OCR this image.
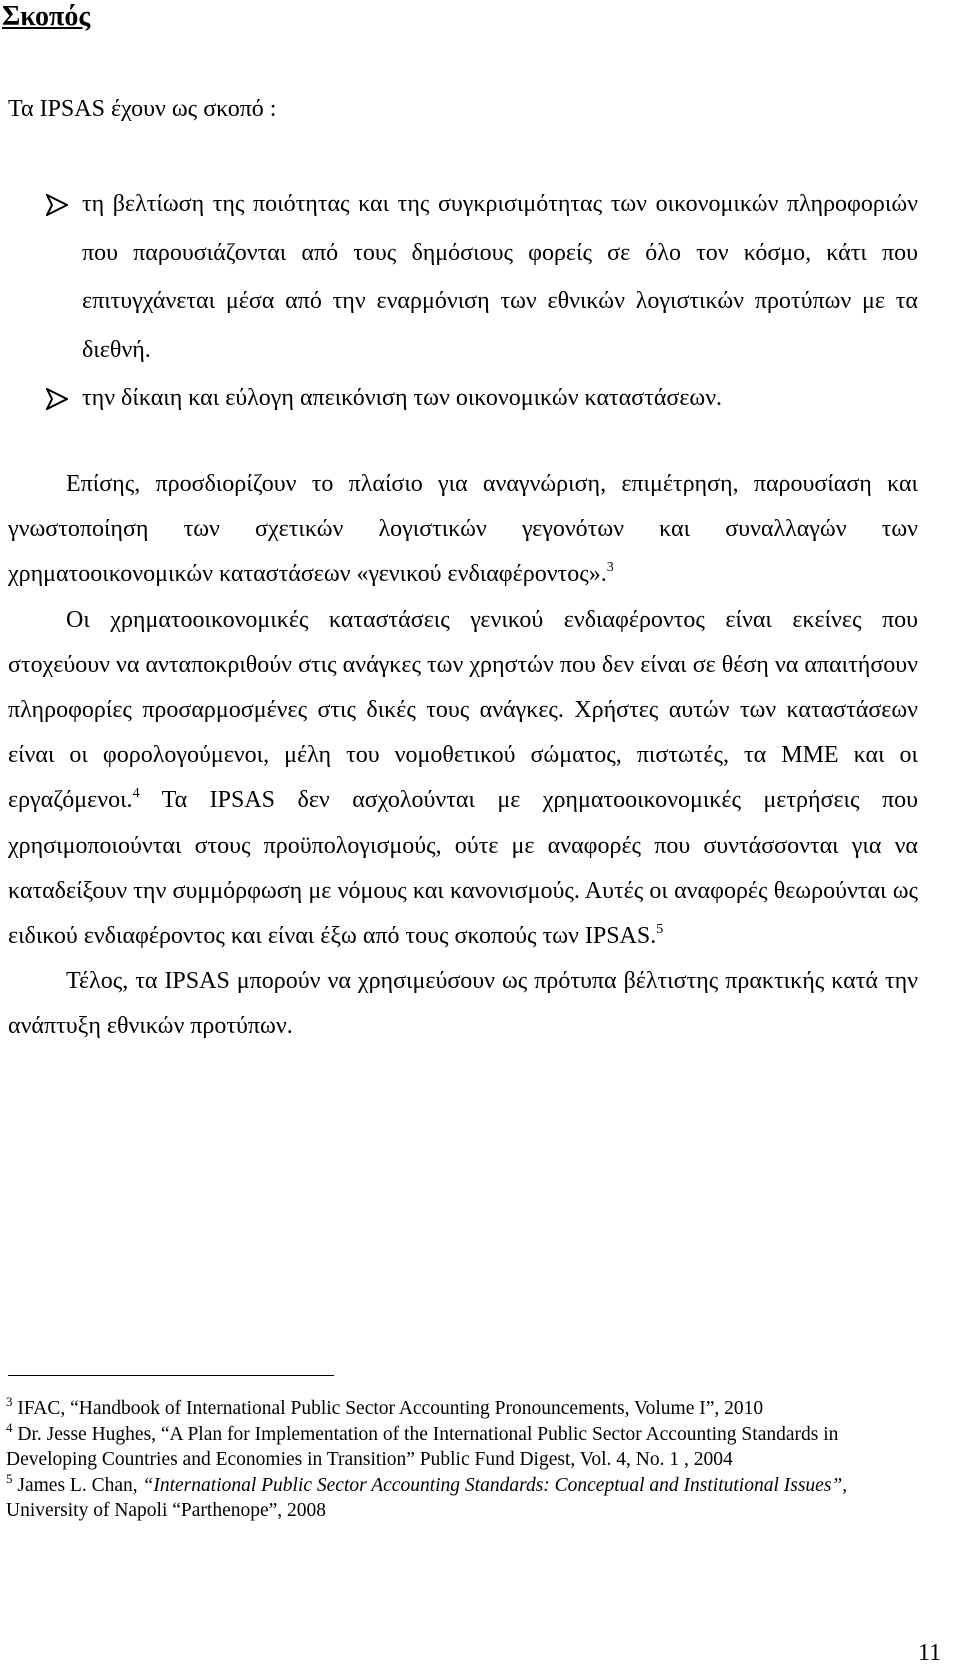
Σκοπός
Τα IPSAS έχουν ως σκοπό :
τη βελτίωση της ποιότητας και της συγκρισιμότητας των οικονομικών πληροφοριών που παρουσιάζονται από τους δημόσιους φορείς σε όλο τον κόσμο, κάτι που επιτυγχάνεται μέσα από την εναρμόνιση των εθνικών λογιστικών προτύπων με τα διεθνή.
την δίκαιη και εύλογη απεικόνιση των οικονομικών καταστάσεων.

Επίσης, προσδιορίζουν το πλαίσιο για αναγνώριση, επιμέτρηση, παρουσίαση και γνωστοποίηση των σχετικών λογιστικών γεγονότων και συναλλαγών των χρηματοοικονομικών καταστάσεων «γενικού ενδιαφέροντος».$^3$

Οι χρηματοοικονομικές καταστάσεις γενικού ενδιαφέροντος είναι εκείνες που στοχεύουν να ανταποκριθούν στις ανάγκες των χρηστών που δεν είναι σε θέση να απαιτήσουν πληροφορίες προσαρμοσμένες στις δικές τους ανάγκες. Χρήστες αυτών των καταστάσεων είναι οι φορολογούμενοι, μέλη του νομοθετικού σώματος, πιστωτές, τα ΜΜΕ και οι εργαζόμενοι.$^4$ Τα IPSAS δεν ασχολούνται με χρηματοοικονομικές μετρήσεις που χρησιμοποιούνται στους προϋπολογισμούς, ούτε με αναφορές που συντάσσονται για να καταδείξουν την συμμόρφωση με νόμους και κανονισμούς. Αυτές οι αναφορές θεωρούνται ως ειδικού ενδιαφέροντος και είναι έξω από τους σκοπούς των IPSAS.$^5$

Τέλος, τα IPSAS μπορούν να χρησιμεύσουν ως πρότυπα βέλτιστης πρακτικής κατά την ανάπτυξη εθνικών προτύπων.

$^3$ IFAC, “Handbook of International Public Sector Accounting Pronouncements, Volume I”, 2010

$^4$ Dr. Jesse Hughes, “A Plan for Implementation of the International Public Sector Accounting Standards in Developing Countries and Economies in Transition” Public Fund Digest, Vol. 4, No. 1 , 2004

$^5$ James L. Chan, “International Public Sector Accounting Standards: Conceptual and Institutional Issues”, University of Napoli “Parthenope”, 2008

11
